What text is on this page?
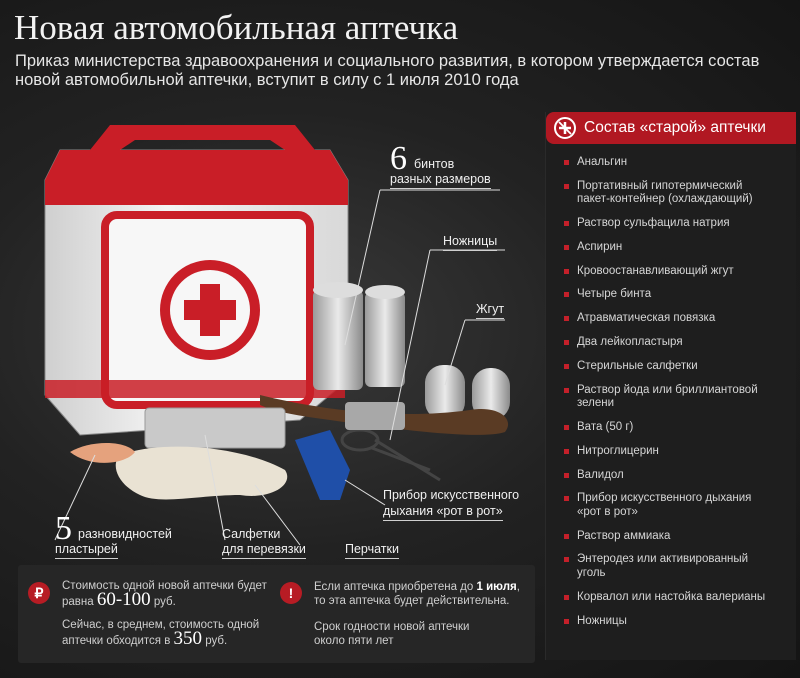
Новая автомобильная аптечка
Приказ министерства здравоохранения и социального развития, в котором утверждается состав новой автомобильной аптечки, вступит в силу с 1 июля 2010 года
6 бинтов
разных размеров
Ножницы
Жгут
Прибор искусственного
дыхания «рот в рот»
5 разновидностей
пластырей
Салфетки
для перевязки	Перчатки
Состав «старой» аптечки
Анальгин
Портативный гипотермический пакет-контейнер (охлаждающий)
Раствор сульфацила натрия
Аспирин
Кровоостанавливающий жгут
Четыре бинта
Атравматическая повязка
Два лейкопластыря
Стерильные салфетки
Раствор йода или бриллиантовой зелени
Вата (50 г)
Нитроглицерин
Валидол
Прибор искусственного дыхания «рот в рот»
Раствор аммиака
Энтеродез или активированный уголь
Корвалол или настойка валерианы
Ножницы
₽	Стоимость одной новой аптечки будет равна 60-100 руб.
Сейчас, в среднем, стоимость одной аптечки обходится в 350 руб.
!	Если аптечка приобретена до 1 июля, то эта аптечка будет действительна.
Срок годности новой аптечки около пяти лет
